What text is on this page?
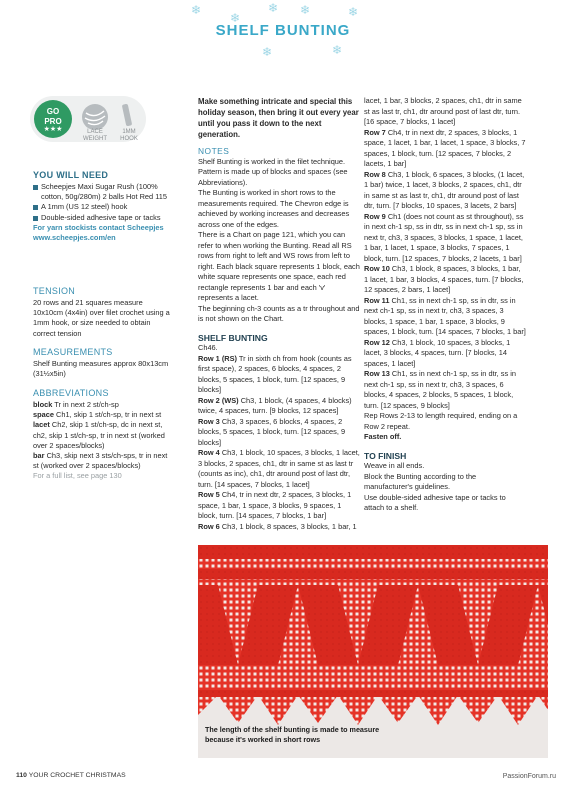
❄
❄
❄ ❄	❄
❄
❄
SHELF BUNTING
GO
PRO
★★★	LACE
WEIGHT
1MM
HOOK
YOU WILL NEED
Scheepjes Maxi Sugar Rush (100% cotton, 50g/280m) 2 balls Hot Red 115
A 1mm (US 12 steel) hook
Double-sided adhesive tape or tacks
For yarn stockists contact Scheepjes www.scheepjes.com/en
TENSION
20 rows and 21 squares measure 10x10cm (4x4in) over filet crochet using a 1mm hook, or size needed to obtain correct tension
MEASUREMENTS
Shelf Bunting measures approx 80x13cm (31½x5in)
ABBREVIATIONS
block Tr in next 2 st/ch-sp
space Ch1, skip 1 st/ch-sp, tr in next st
lacet Ch2, skip 1 st/ch-sp, dc in next st, ch2, skip 1 st/ch-sp, tr in next st (worked over 2 spaces/blocks)
bar Ch3, skip next 3 sts/ch-sps, tr in next st (worked over 2 spaces/blocks)
For a full list, see page 130

Make something intricate and special this holiday season, then bring it out every year until you pass it down to the next generation.

NOTES

Shelf Bunting is worked in the filet technique. Pattern is made up of blocks and spaces (see Abbreviations).

The Bunting is worked in short rows to the measurements required. The Chevron edge is achieved by working increases and decreases across one of the edges.

There is a Chart on page 121, which you can refer to when working the Bunting. Read all RS rows from right to left and WS rows from left to right. Each black square represents 1 block, each white square represents one space, each red rectangle represents 1 bar and each 'v' represents a lacet.

The beginning ch-3 counts as a tr throughout and is not shown on the Chart.

SHELF BUNTING

Ch46.

Row 1 (RS) Tr in sixth ch from hook (counts as first space), 2 spaces, 6 blocks, 4 spaces, 2 blocks, 5 spaces, 1 block, turn. [12 spaces, 9 blocks]

Row 2 (WS) Ch3, 1 block, (4 spaces, 4 blocks) twice, 4 spaces, turn. [9 blocks, 12 spaces]

Row 3 Ch3, 3 spaces, 6 blocks, 4 spaces, 2 blocks, 5 spaces, 1 block, turn. [12 spaces, 9 blocks]

Row 4 Ch3, 1 block, 10 spaces, 3 blocks, 1 lacet, 3 blocks, 2 spaces, ch1, dtr in same st as last tr (counts as inc), ch1, dtr around post of last dtr, turn. [14 spaces, 7 blocks, 1 lacet]

Row 5 Ch4, tr in next dtr, 2 spaces, 3 blocks, 1 space, 1 bar, 1 space, 3 blocks, 9 spaces, 1 block, turn. [14 spaces, 7 blocks, 1 bar]

Row 6 Ch3, 1 block, 8 spaces, 3 blocks, 1 bar, 1

lacet, 1 bar, 3 blocks, 2 spaces, ch1, dtr in same st as last tr, ch1, dtr around post of last dtr, turn. [16 space, 7 blocks, 1 lacet]

Row 7 Ch4, tr in next dtr, 2 spaces, 3 blocks, 1 space, 1 lacet, 1 bar, 1 lacet, 1 space, 3 blocks, 7 spaces, 1 block, turn. [12 spaces, 7 blocks, 2 lacets, 1 bar]

Row 8 Ch3, 1 block, 6 spaces, 3 blocks, (1 lacet, 1 bar) twice, 1 lacet, 3 blocks, 2 spaces, ch1, dtr in same st as last tr, ch1, dtr around post of last dtr, turn. [7 blocks, 10 spaces, 3 lacets, 2 bars]

Row 9 Ch1 (does not count as st throughout), ss in next ch-1 sp, ss in dtr, ss in next ch-1 sp, ss in next tr, ch3, 3 spaces, 3 blocks, 1 space, 1 lacet, 1 bar, 1 lacet, 1 space, 3 blocks, 7 spaces, 1 block, turn. [12 spaces, 7 blocks, 2 lacets, 1 bar]

Row 10 Ch3, 1 block, 8 spaces, 3 blocks, 1 bar, 1 lacet, 1 bar, 3 blocks, 4 spaces, turn. [7 blocks, 12 spaces, 2 bars, 1 lacet]

Row 11 Ch1, ss in next ch-1 sp, ss in dtr, ss in next ch-1 sp, ss in next tr, ch3, 3 spaces, 3 blocks, 1 space, 1 bar, 1 space, 3 blocks, 9 spaces, 1 block, turn. [14 spaces, 7 blocks, 1 bar]

Row 12 Ch3, 1 block, 10 spaces, 3 blocks, 1 lacet, 3 blocks, 4 spaces, turn. [7 blocks, 14 spaces, 1 lacet]

Row 13 Ch1, ss in next ch-1 sp, ss in dtr, ss in next ch-1 sp, ss in next tr, ch3, 3 spaces, 6 blocks, 4 spaces, 2 blocks, 5 spaces, 1 block, turn. [12 spaces, 9 blocks]

Rep Rows 2-13 to length required, ending on a Row 2 repeat.

Fasten off.

TO FINISH

Weave in all ends.

Block the Bunting according to the manufacturer's guidelines.

Use double-sided adhesive tape or tacks to attach to a shelf.

The length of the shelf bunting is made to measure because it's worked in short rows
110 YOUR CROCHET CHRISTMAS	PassionForum.ru
